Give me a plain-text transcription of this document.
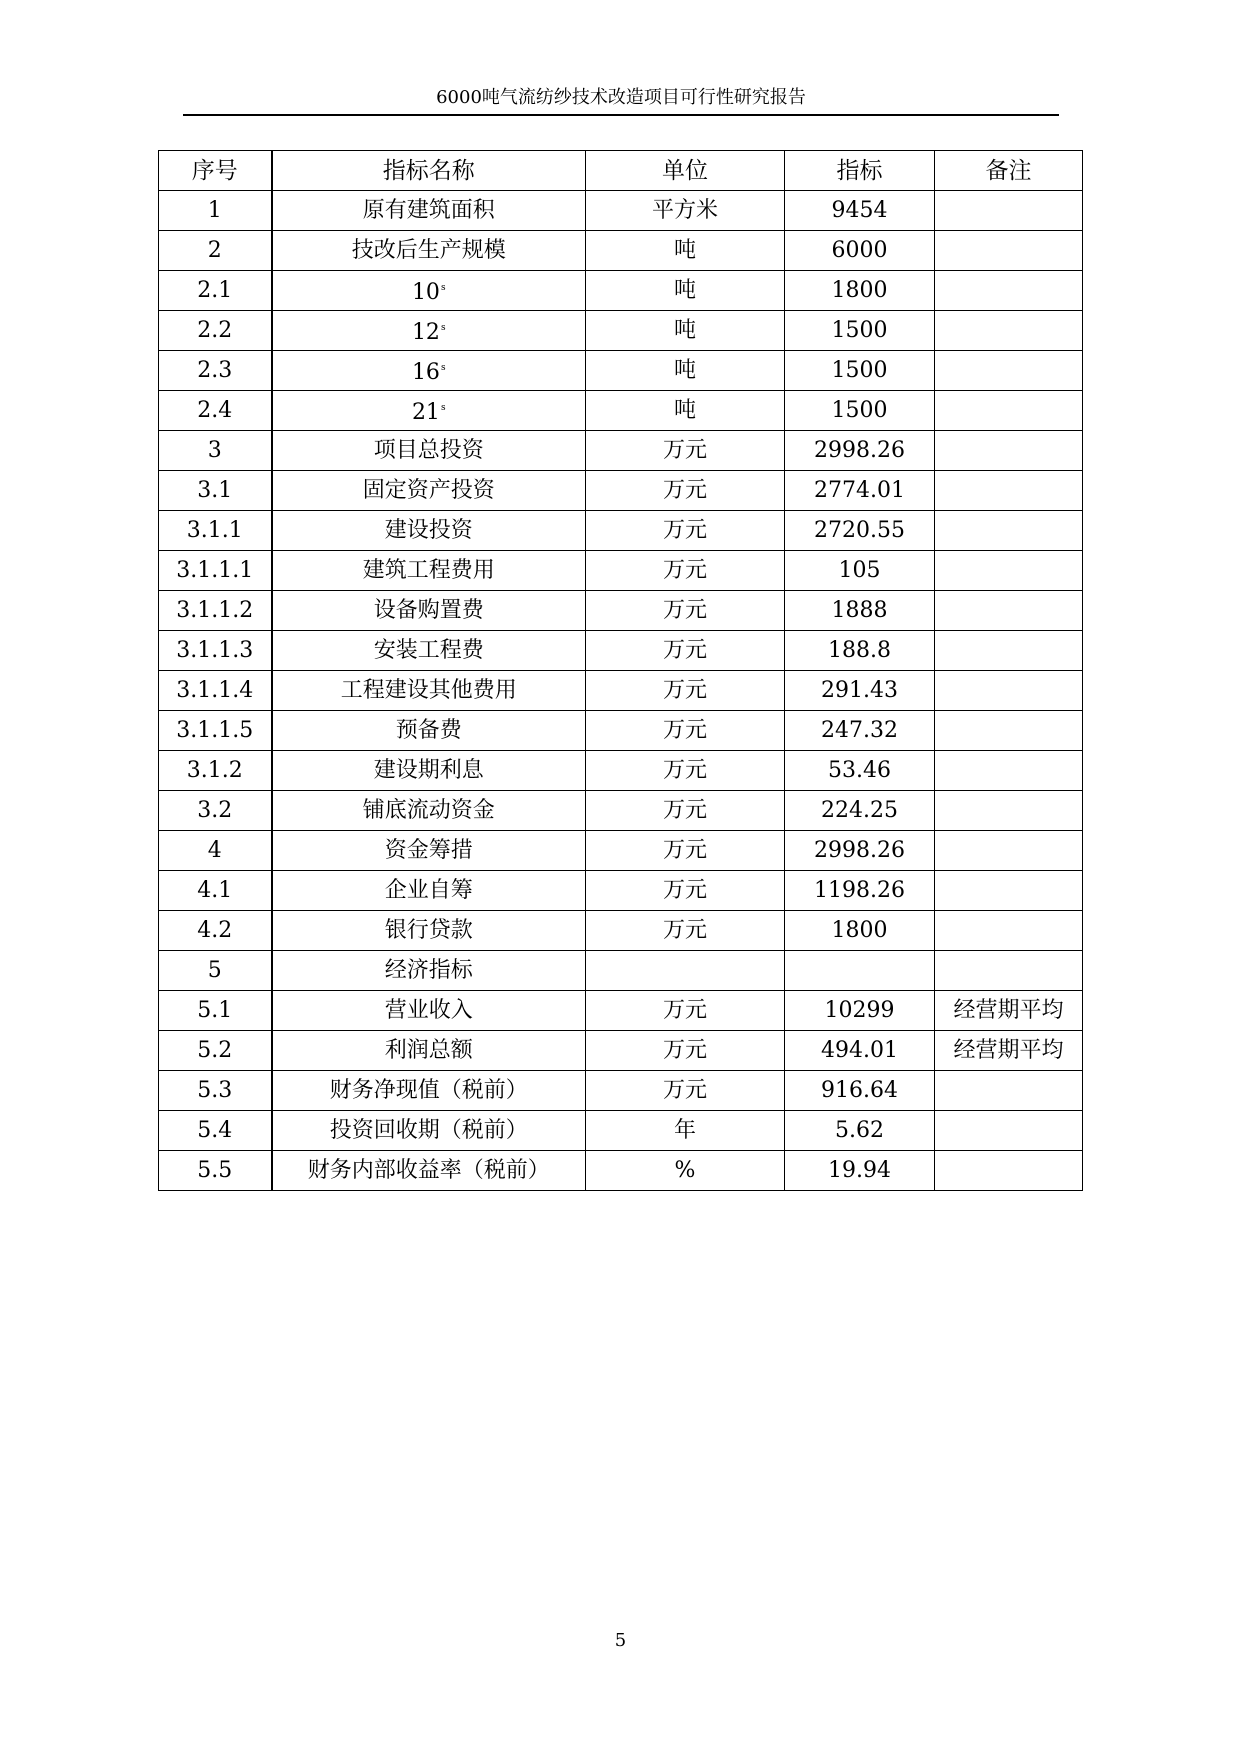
6000吨气流纺纱技术改造项目可行性研究报告
序号	指标名称	单位	指标	备注
1	原有建筑面积	平方米	9454	
2	技改后生产规模	吨	6000	
2.1	10$^s$	吨	1800	
2.2	12$^s$	吨	1500	
2.3	16$^s$	吨	1500	
2.4	21$^s$	吨	1500	
3	项目总投资	万元	2998.26	
3.1	固定资产投资	万元	2774.01	
3.1.1	建设投资	万元	2720.55	
3.1.1.1	建筑工程费用	万元	105	
3.1.1.2	设备购置费	万元	1888	
3.1.1.3	安装工程费	万元	188.8	
3.1.1.4	工程建设其他费用	万元	291.43	
3.1.1.5	预备费	万元	247.32	
3.1.2	建设期利息	万元	53.46	
3.2	铺底流动资金	万元	224.25	
4	资金筹措	万元	2998.26	
4.1	企业自筹	万元	1198.26	
4.2	银行贷款	万元	1800	
5	经济指标			
5.1	营业收入	万元	10299	经营期平均
5.2	利润总额	万元	494.01	经营期平均
5.3	财务净现值（税前）	万元	916.64	
5.4	投资回收期（税前）	年	5.62	
5.5	财务内部收益率（税前）	%	19.94	
5
